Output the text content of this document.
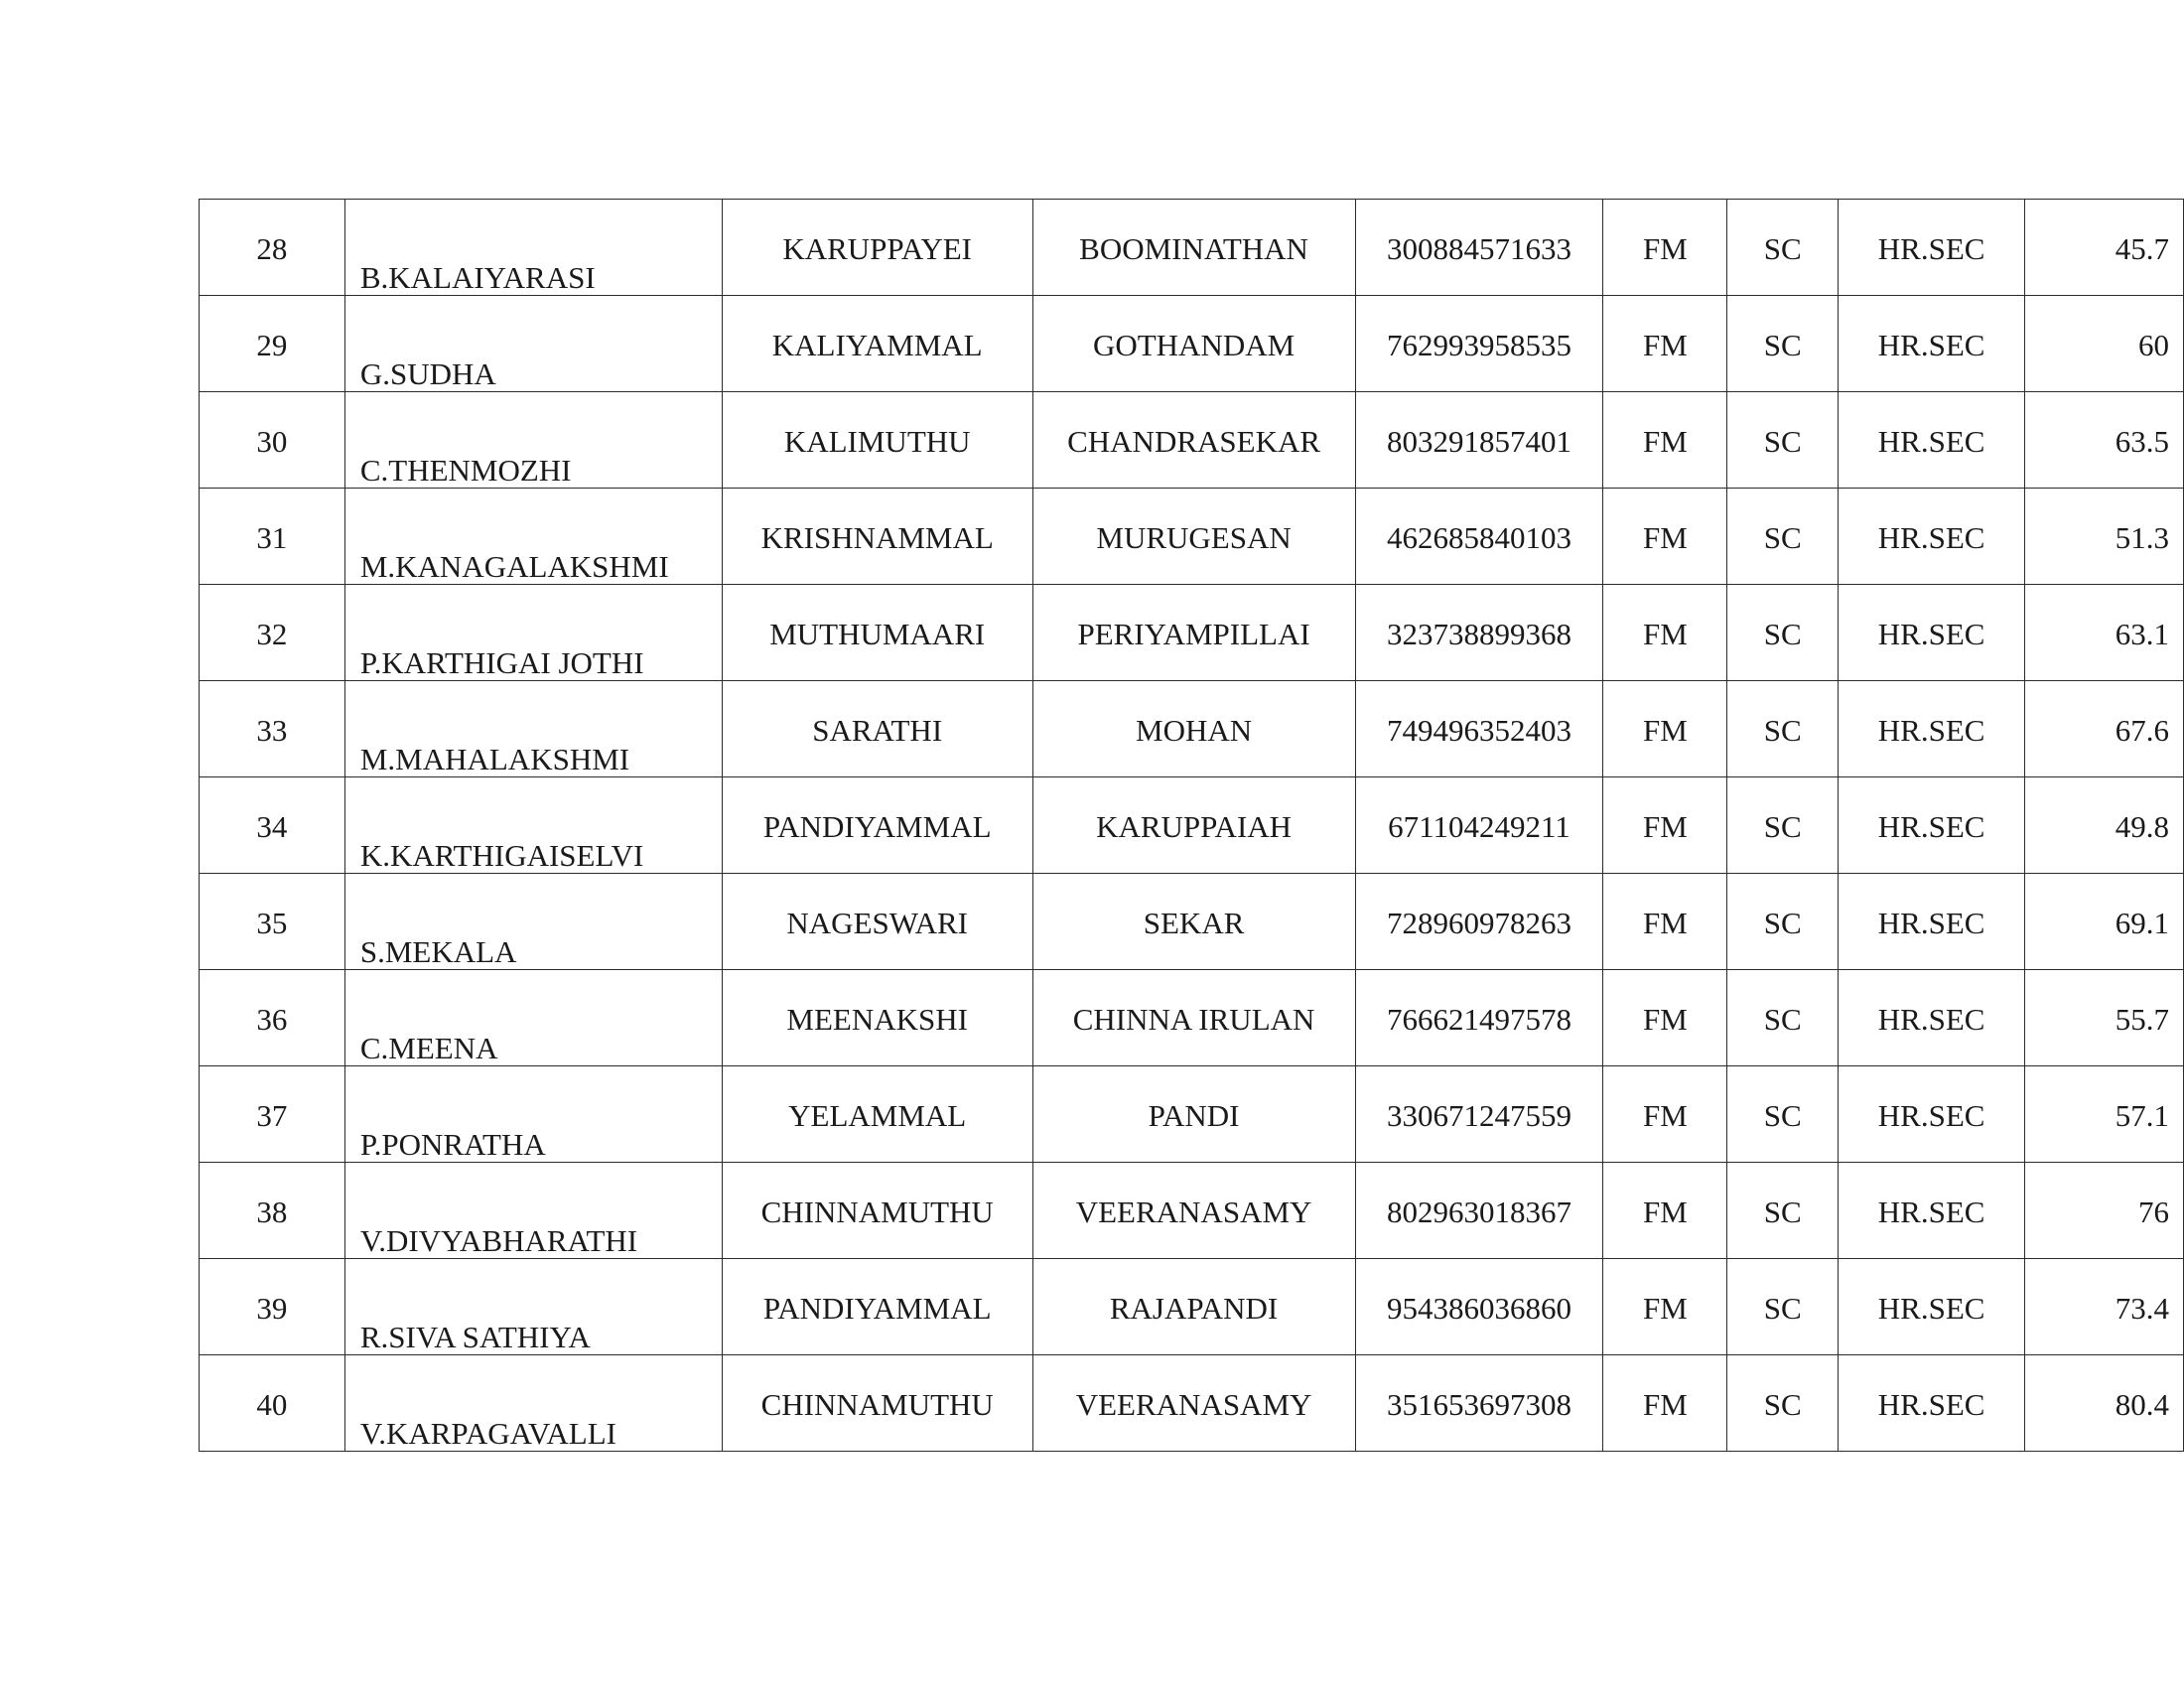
28	B.KALAIYARASI	KARUPPAYEI	BOOMINATHAN	300884571633	FM	SC	HR.SEC	45.7
29	G.SUDHA	KALIYAMMAL	GOTHANDAM	762993958535	FM	SC	HR.SEC	60
30	C.THENMOZHI	KALIMUTHU	CHANDRASEKAR	803291857401	FM	SC	HR.SEC	63.5
31	M.KANAGALAKSHMI	KRISHNAMMAL	MURUGESAN	462685840103	FM	SC	HR.SEC	51.3
32	P.KARTHIGAI JOTHI	MUTHUMAARI	PERIYAMPILLAI	323738899368	FM	SC	HR.SEC	63.1
33	M.MAHALAKSHMI	SARATHI	MOHAN	749496352403	FM	SC	HR.SEC	67.6
34	K.KARTHIGAISELVI	PANDIYAMMAL	KARUPPAIAH	671104249211	FM	SC	HR.SEC	49.8
35	S.MEKALA	NAGESWARI	SEKAR	728960978263	FM	SC	HR.SEC	69.1
36	C.MEENA	MEENAKSHI	CHINNA IRULAN	766621497578	FM	SC	HR.SEC	55.7
37	P.PONRATHA	YELAMMAL	PANDI	330671247559	FM	SC	HR.SEC	57.1
38	V.DIVYABHARATHI	CHINNAMUTHU	VEERANASAMY	802963018367	FM	SC	HR.SEC	76
39	R.SIVA SATHIYA	PANDIYAMMAL	RAJAPANDI	954386036860	FM	SC	HR.SEC	73.4
40	V.KARPAGAVALLI	CHINNAMUTHU	VEERANASAMY	351653697308	FM	SC	HR.SEC	80.4
